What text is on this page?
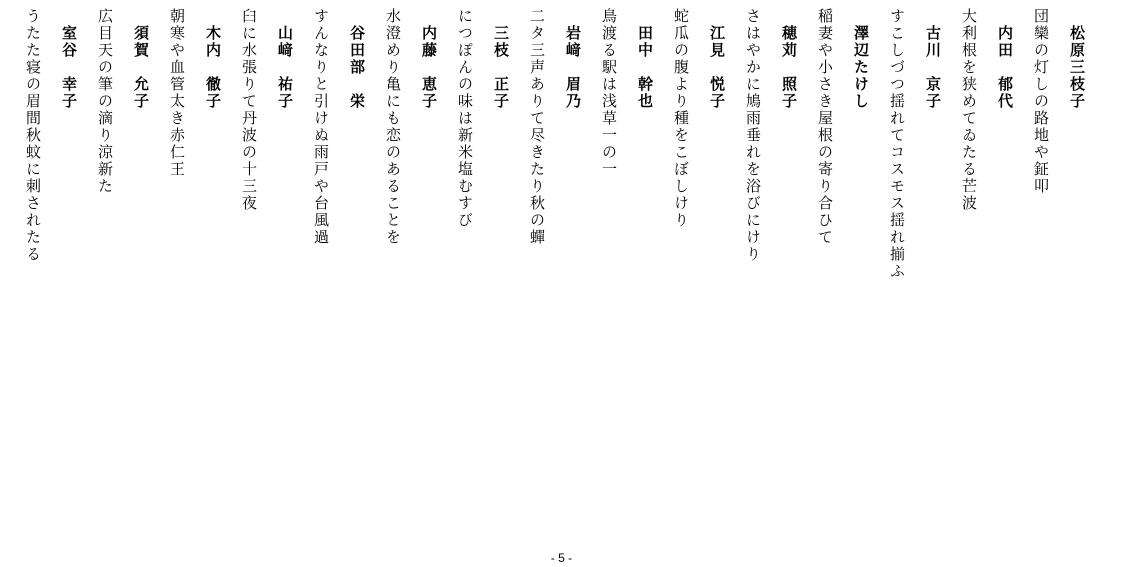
松原三枝子
団欒の灯しの路地や鉦叩
内田　郁代
大利根を狭めてゐたる芒波
古川　京子
すこしづつ揺れてコスモス揺れ揃ふ
澤辺たけし
稲妻や小さき屋根の寄り合ひて
穂苅　照子
さはやかに鳩雨垂れを浴びにけり
江見　悦子
蛇瓜の腹より種をこぼしけり
田中　幹也
鳥渡る駅は浅草一の一
岩﨑　眉乃
二タ三声ありて尽きたり秋の蟬
三枝　正子
につぽんの味は新米塩むすび
内藤　恵子
水澄めり亀にも恋のあることを
谷田部　栄
すんなりと引けぬ雨戸や台風過
山﨑　祐子
臼に水張りて丹波の十三夜
木内　徹子
朝寒や血管太き赤仁王
須賀　允子
広目天の筆の滴り涼新た
室谷　幸子
うたた寝の眉間秋蚊に刺されたる
- 5 -
